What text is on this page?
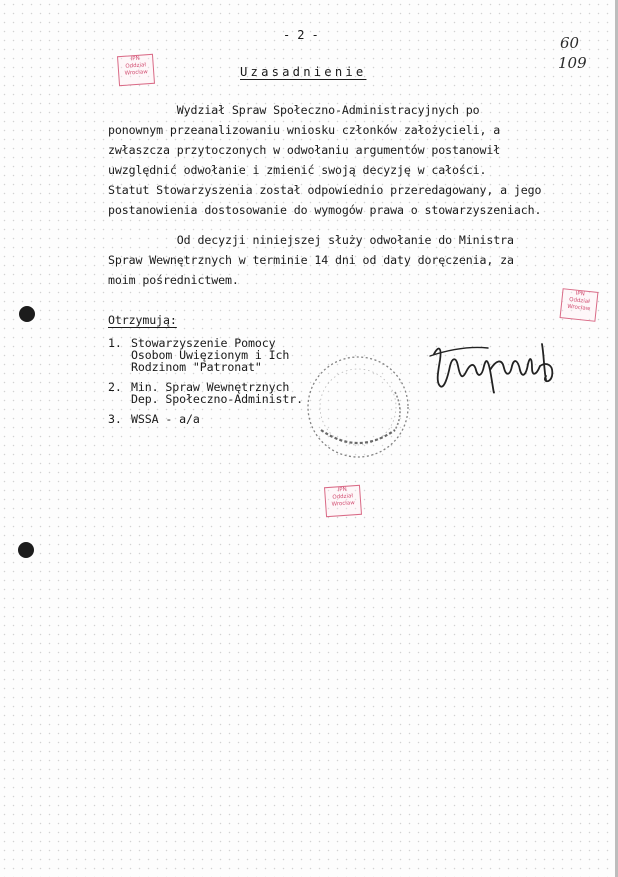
- 2 -	60
109
Uzasadnienie
Wydział Spraw Społeczno-Administracyjnych po
ponownym przeanalizowaniu wniosku członków założycieli, a
zwłaszcza przytoczonych w odwołaniu argumentów postanowił
uwzględnić odwołanie i zmienić swoją decyzję w całości.
Statut Stowarzyszenia został odpowiednio przeredagowany, a jego
postanowienia dostosowanie do wymogów prawa o stowarzyszeniach.
Od decyzji niniejszej służy odwołanie do Ministra
Spraw Wewnętrznych w terminie 14 dni od daty doręczenia, za
moim pośrednictwem.
Otrzymują:
1. Stowarzyszenie Pomocy
Osobom Uwięzionym i Ich
Rodzinom "Patronat"
2. Min. Spraw Wewnętrznych
Dep. Społeczno-Administr.
3. WSSA - a/a
IPN
Oddział
Wrocław
IPN
Oddział
Wrocław
IPN
Oddział
Wrocław
